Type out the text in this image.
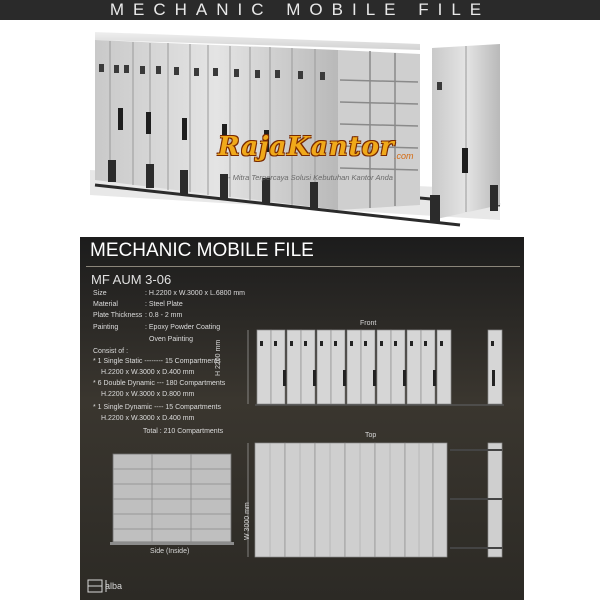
MECHANIC MOBILE FILE
RajaKantor .com
- Mitra Terpercaya Solusi Kebutuhan Kantor Anda
MECHANIC MOBILE FILE
MF AUM 3-06
Size	: H.2200 x W.3000 x L.6800 mm
Material	: Steel Plate
Plate Thickness : 0.8 - 2 mm
Painting	: Epoxy Powder Coating
Oven Painting
Consist of :
* 1 Single Static -------- 15 Compartments
H.2200 x W.3000 x D.400 mm
* 6 Double Dynamic --- 180 Compartments
H.2200 x W.3000 x D.800 mm
* 1 Single Dynamic ---- 15 Compartments
H.2200 x W.3000 x D.400 mm
Total : 210 Compartments
Front
Top
Side (Inside)
H 2200 mm
W 3000 mm
alba
